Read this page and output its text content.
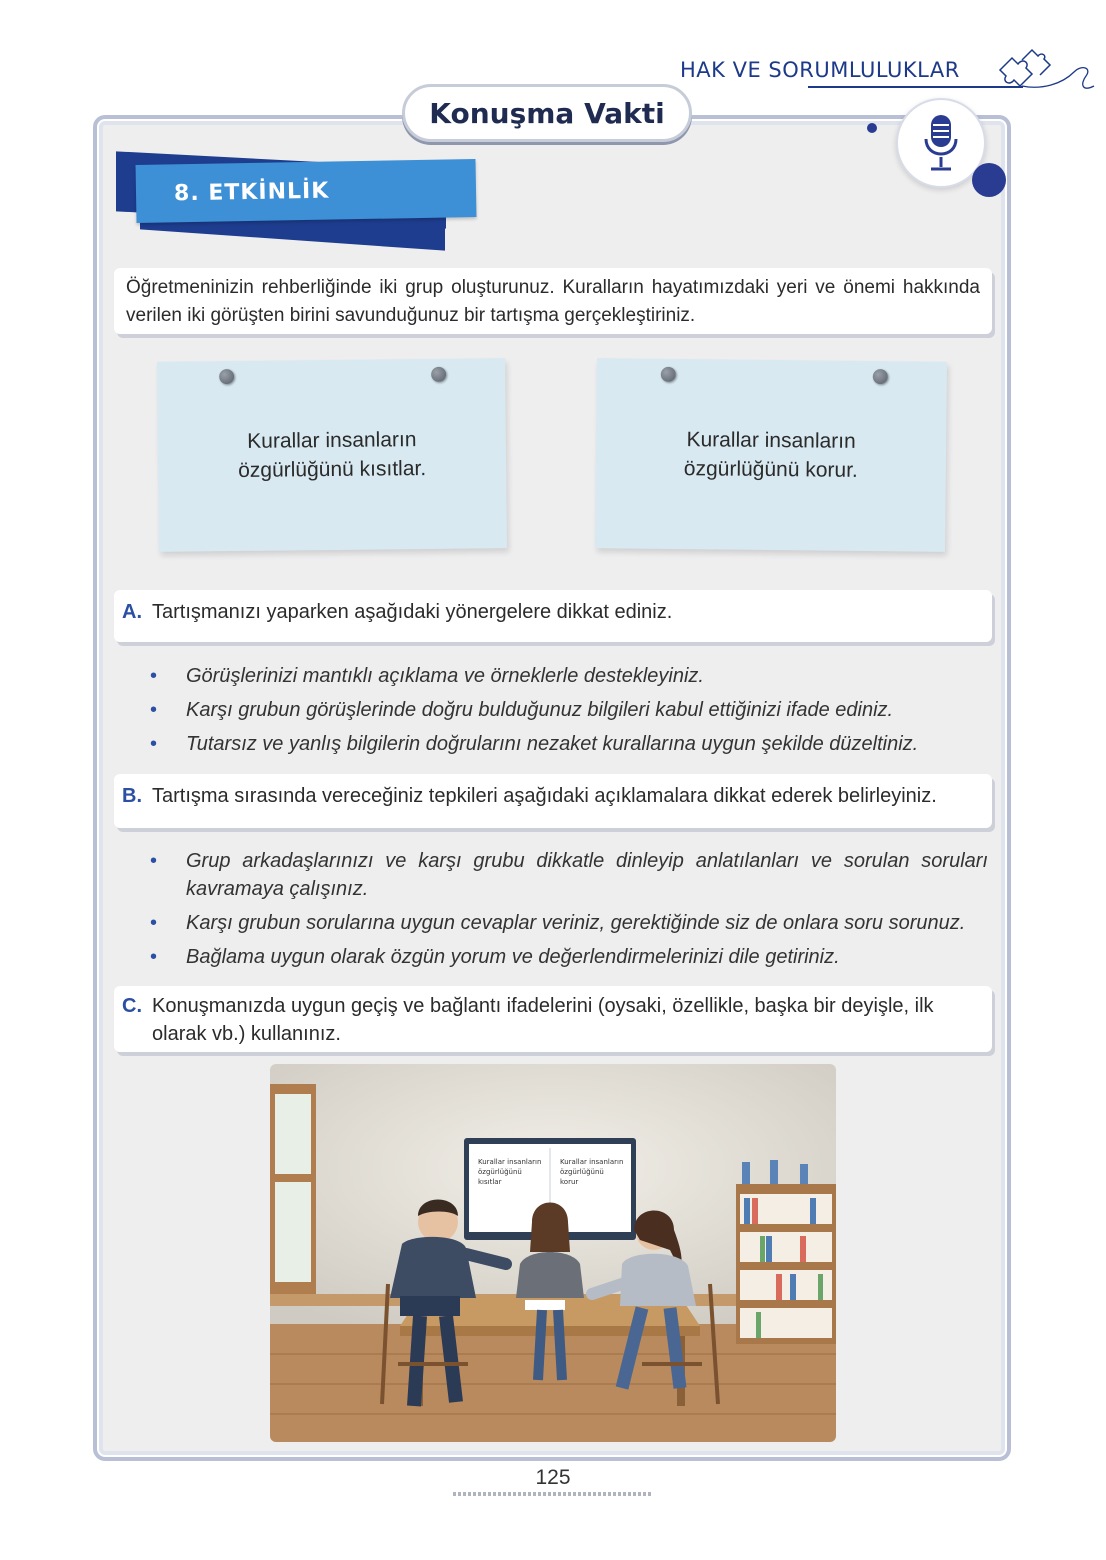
HAK VE SORUMLULUKLAR
Konuşma Vakti
8. ETKİNLİK
Öğretmeninizin rehberliğinde iki grup oluşturunuz. Kuralların hayatımızdaki yeri ve önemi hakkında verilen iki görüşten birini savunduğunuz bir tartışma gerçekleştiriniz.
Kurallar insanların
özgürlüğünü kısıtlar.
Kurallar insanların
özgürlüğünü korur.
A. Tartışmanızı yaparken aşağıdaki yönergelere dikkat ediniz.
• Görüşlerinizi mantıklı açıklama ve örneklerle destekleyiniz.
• Karşı grubun görüşlerinde doğru bulduğunuz bilgileri kabul ettiğinizi ifade ediniz.
• Tutarsız ve yanlış bilgilerin doğrularını nezaket kurallarına uygun şekilde düzeltiniz.
B. Tartışma sırasında vereceğiniz tepkileri aşağıdaki açıklamalara dikkat ederek belirleyiniz.
• Grup arkadaşlarınızı ve karşı grubu dikkatle dinleyip anlatılanları ve sorulan soruları kavramaya çalışınız.
• Karşı grubun sorularına uygun cevaplar veriniz, gerektiğinde siz de onlara soru sorunuz.
• Bağlama uygun olarak özgün yorum ve değerlendirmelerinizi dile getiriniz.
C. Konuşmanızda uygun geçiş ve bağlantı ifadelerini (oysaki, özellikle, başka bir deyişle, ilk olarak vb.) kullanınız.
Kurallar insanların özgürlüğünü kısıtlar
Kurallar insanların özgürlüğünü korur
125
